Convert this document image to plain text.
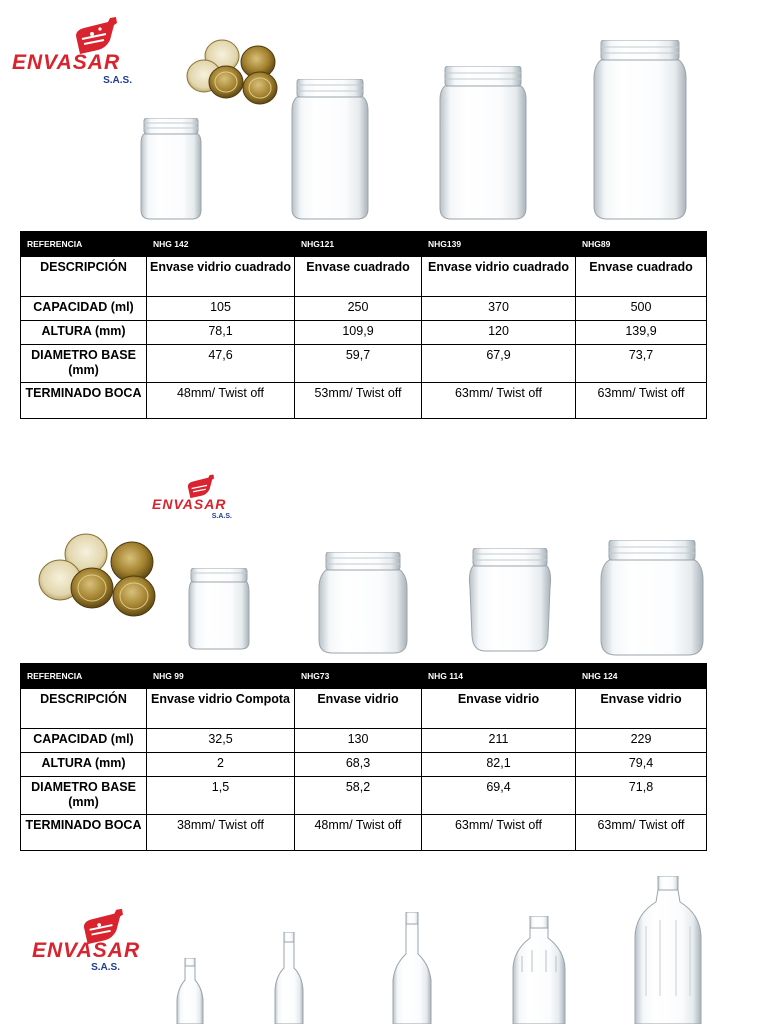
ENVASAR
S.A.S.
REFERENCIA	NHG 142	NHG121	NHG139	NHG89
DESCRIPCIÓN	Envase vidrio cuadrado	Envase cuadrado	Envase vidrio cuadrado	Envase cuadrado
CAPACIDAD (ml)	105	250	370	500
ALTURA (mm)	78,1	109,9	120	139,9
DIAMETRO BASE (mm)	47,6	59,7	67,9	73,7
TERMINADO BOCA	48mm/ Twist off	53mm/ Twist off	63mm/ Twist off	63mm/ Twist off
ENVASAR
S.A.S.
REFERENCIA	NHG 99	NHG73	NHG 114	NHG 124
DESCRIPCIÓN	Envase vidrio Compota	Envase vidrio	Envase vidrio	Envase vidrio
CAPACIDAD (ml)	32,5	130	211	229
ALTURA (mm)	2	68,3	82,1	79,4
DIAMETRO BASE (mm)	1,5	58,2	69,4	71,8
TERMINADO BOCA	38mm/ Twist off	48mm/ Twist off	63mm/ Twist off	63mm/ Twist off
ENVASAR
S.A.S.
